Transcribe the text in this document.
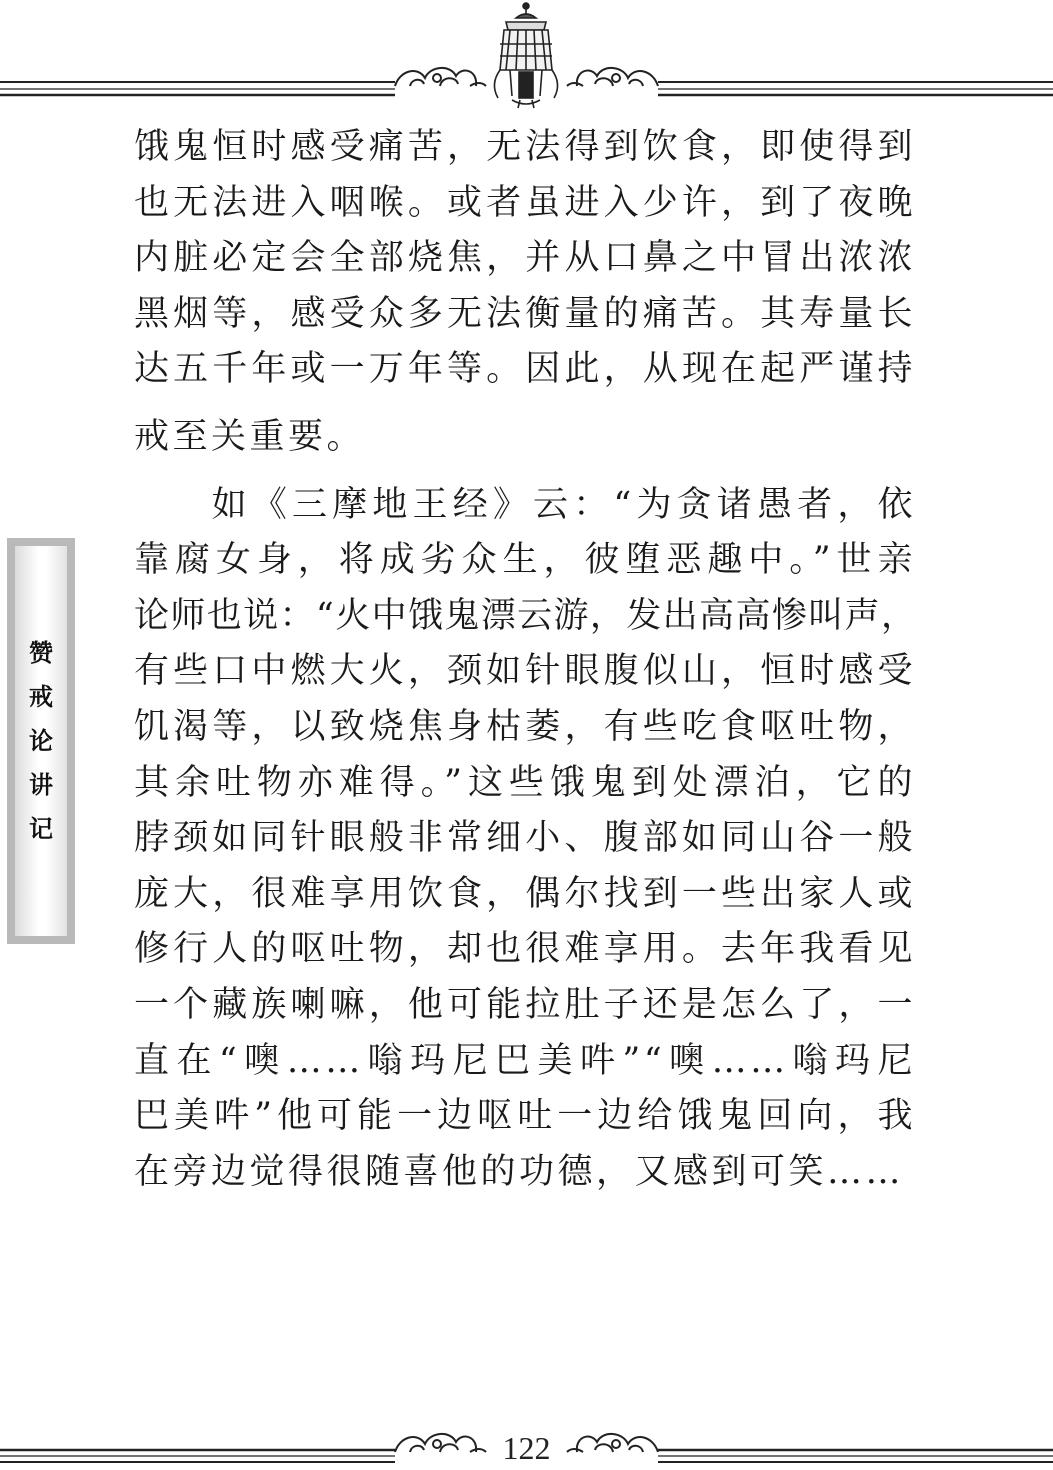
饿鬼恒时感受痛苦，无法得到饮食，即使得到
也无法进入咽喉。或者虽进入少许，到了夜晚
内脏必定会全部烧焦，并从口鼻之中冒出浓浓
黑烟等，感受众多无法衡量的痛苦。其寿量长
达五千年或一万年等。因此，从现在起严谨持

戒至关重要。

如《三摩地王经》云：“为贪诸愚者，依
靠腐女身，将成劣众生，彼堕恶趣中。”世亲
论师也说：“火中饿鬼漂云游，发出高高惨叫声，
有些口中燃大火，颈如针眼腹似山，恒时感受
饥渴等，以致烧焦身枯萎，有些吃食呕吐物，
其余吐物亦难得。”这些饿鬼到处漂泊，它的
脖颈如同针眼般非常细小、腹部如同山谷一般
庞大，很难享用饮食，偶尔找到一些出家人或
修行人的呕吐物，却也很难享用。去年我看见
一个藏族喇嘛，他可能拉肚子还是怎么了，一
直在“噢……嗡玛尼巴美吽”“噢……嗡玛尼
巴美吽”他可能一边呕吐一边给饿鬼回向，我

在旁边觉得很随喜他的功德，又感到可笑……

赞
戒
论
讲
记
122
